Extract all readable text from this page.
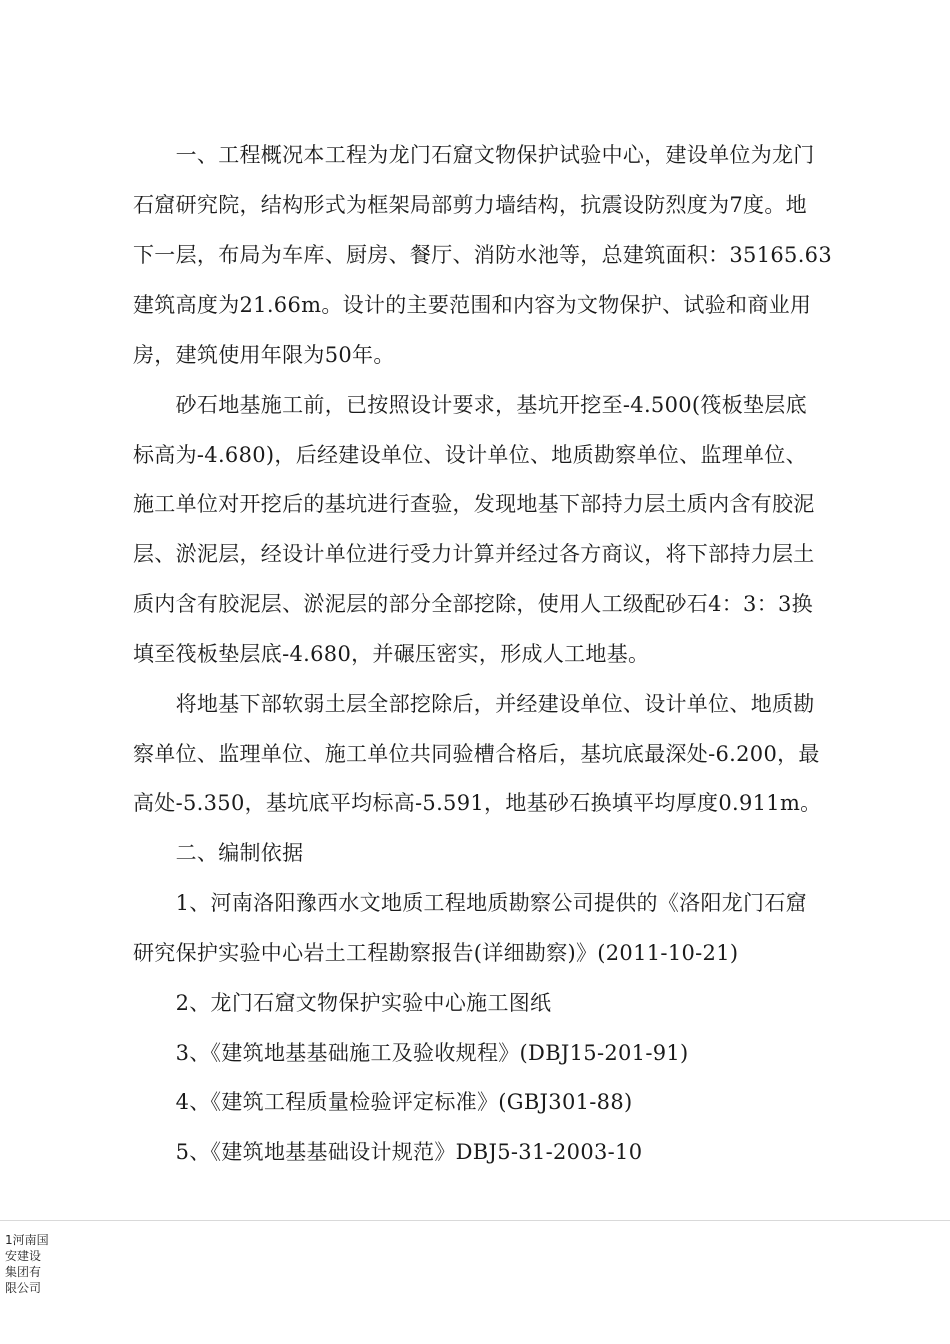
　　一、工程概况本工程为龙门石窟文物保护试验中心，建设单位为龙门
石窟研究院，结构形式为框架局部剪力墙结构，抗震设防烈度为7度。地
下一层，布局为车库、厨房、餐厅、消防水池等，总建筑面积：35165.63
建筑高度为21.66m。设计的主要范围和内容为文物保护、试验和商业用
房，建筑使用年限为50年。
　　砂石地基施工前，已按照设计要求，基坑开挖至-4.500(筏板垫层底
标高为-4.680)，后经建设单位、设计单位、地质勘察单位、监理单位、
施工单位对开挖后的基坑进行查验，发现地基下部持力层土质内含有胶泥
层、淤泥层，经设计单位进行受力计算并经过各方商议，将下部持力层土
质内含有胶泥层、淤泥层的部分全部挖除，使用人工级配砂石4：3：3换
填至筏板垫层底-4.680，并碾压密实，形成人工地基。
　　将地基下部软弱土层全部挖除后，并经建设单位、设计单位、地质勘
察单位、监理单位、施工单位共同验槽合格后，基坑底最深处-6.200，最
高处-5.350，基坑底平均标高-5.591，地基砂石换填平均厚度0.911m。
　　二、编制依据
　　1、河南洛阳豫西水文地质工程地质勘察公司提供的《洛阳龙门石窟
研究保护实验中心岩土工程勘察报告(详细勘察)》(2011-10-21)
　　2、龙门石窟文物保护实验中心施工图纸
　　3、《建筑地基基础施工及验收规程》(DBJ15-201-91)
　　4、《建筑工程质量检验评定标准》(GBJ301-88)
　　5、《建筑地基基础设计规范》DBJ5-31-2003-10
1河南国安建设集团有限公司
